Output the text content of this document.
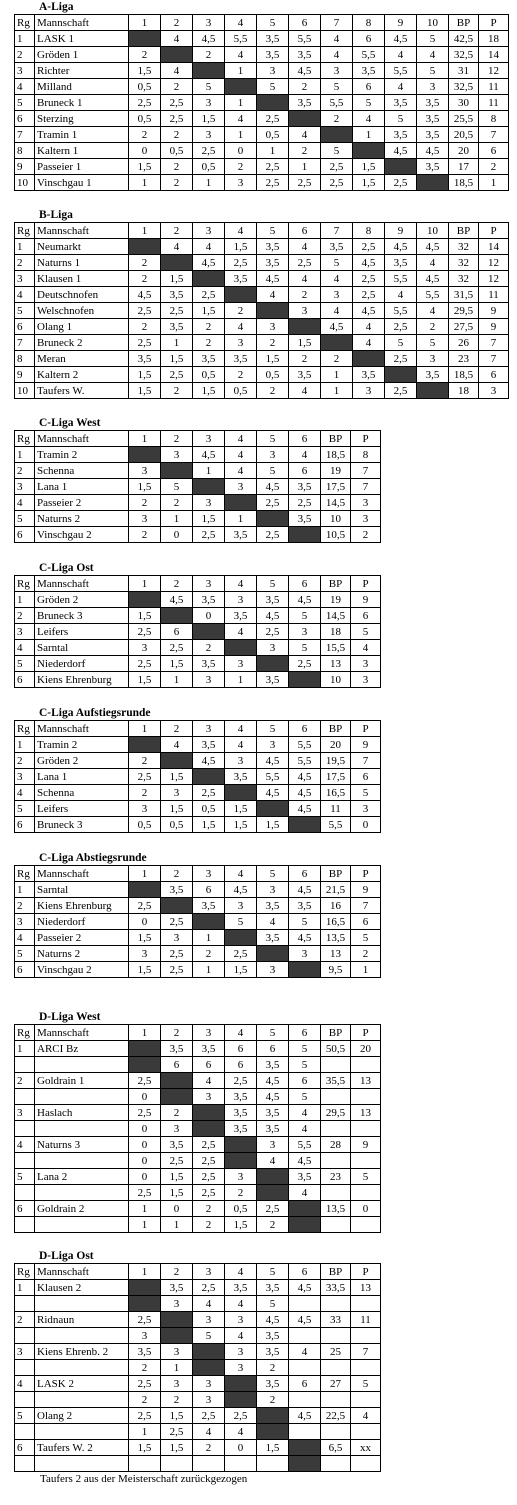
A-Liga
Rg	Mannschaft	1	2	3	4	5	6	7	8	9	10	BP	P
1	LASK 1		4	4,5	5,5	3,5	5,5	4	6	4,5	5	42,5	18
2	Gröden 1	2		2	4	3,5	3,5	4	5,5	4	4	32,5	14
3	Richter	1,5	4		1	3	4,5	3	3,5	5,5	5	31	12
4	Milland	0,5	2	5		5	2	5	6	4	3	32,5	11
5	Bruneck 1	2,5	2,5	3	1		3,5	5,5	5	3,5	3,5	30	11
6	Sterzing	0,5	2,5	1,5	4	2,5		2	4	5	3,5	25,5	8
7	Tramin 1	2	2	3	1	0,5	4		1	3,5	3,5	20,5	7
8	Kaltern 1	0	0,5	2,5	0	1	2	5		4,5	4,5	20	6
9	Passeier 1	1,5	2	0,5	2	2,5	1	2,5	1,5		3,5	17	2
10	Vinschgau 1	1	2	1	3	2,5	2,5	2,5	1,5	2,5		18,5	1
B-Liga
Rg	Mannschaft	1	2	3	4	5	6	7	8	9	10	BP	P
1	Neumarkt		4	4	1,5	3,5	4	3,5	2,5	4,5	4,5	32	14
2	Naturns 1	2		4,5	2,5	3,5	2,5	5	4,5	3,5	4	32	12
3	Klausen 1	2	1,5		3,5	4,5	4	4	2,5	5,5	4,5	32	12
4	Deutschnofen	4,5	3,5	2,5		4	2	3	2,5	4	5,5	31,5	11
5	Welschnofen	2,5	2,5	1,5	2		3	4	4,5	5,5	4	29,5	9
6	Olang 1	2	3,5	2	4	3		4,5	4	2,5	2	27,5	9
7	Bruneck 2	2,5	1	2	3	2	1,5		4	5	5	26	7
8	Meran	3,5	1,5	3,5	3,5	1,5	2	2		2,5	3	23	7
9	Kaltern 2	1,5	2,5	0,5	2	0,5	3,5	1	3,5		3,5	18,5	6
10	Taufers W.	1,5	2	1,5	0,5	2	4	1	3	2,5		18	3
C-Liga West
Rg	Mannschaft	1	2	3	4	5	6	BP	P
1	Tramin 2		3	4,5	4	3	4	18,5	8
2	Schenna	3		1	4	5	6	19	7
3	Lana 1	1,5	5		3	4,5	3,5	17,5	7
4	Passeier 2	2	2	3		2,5	2,5	14,5	3
5	Naturns 2	3	1	1,5	1		3,5	10	3
6	Vinschgau 2	2	0	2,5	3,5	2,5		10,5	2
C-Liga Ost
Rg	Mannschaft	1	2	3	4	5	6	BP	P
1	Gröden 2		4,5	3,5	3	3,5	4,5	19	9
2	Bruneck 3	1,5		0	3,5	4,5	5	14,5	6
3	Leifers	2,5	6		4	2,5	3	18	5
4	Sarntal	3	2,5	2		3	5	15,5	4
5	Niederdorf	2,5	1,5	3,5	3		2,5	13	3
6	Kiens Ehrenburg	1,5	1	3	1	3,5		10	3
C-Liga Aufstiegsrunde
Rg	Mannschaft	1	2	3	4	5	6	BP	P
1	Tramin 2		4	3,5	4	3	5,5	20	9
2	Gröden 2	2		4,5	3	4,5	5,5	19,5	7
3	Lana 1	2,5	1,5		3,5	5,5	4,5	17,5	6
4	Schenna	2	3	2,5		4,5	4,5	16,5	5
5	Leifers	3	1,5	0,5	1,5		4,5	11	3
6	Bruneck 3	0,5	0,5	1,5	1,5	1,5		5,5	0
C-Liga Abstiegsrunde
Rg	Mannschaft	1	2	3	4	5	6	BP	P
1	Sarntal		3,5	6	4,5	3	4,5	21,5	9
2	Kiens Ehrenburg	2,5		3,5	3	3,5	3,5	16	7
3	Niederdorf	0	2,5		5	4	5	16,5	6
4	Passeier 2	1,5	3	1		3,5	4,5	13,5	5
5	Naturns 2	3	2,5	2	2,5		3	13	2
6	Vinschgau 2	1,5	2,5	1	1,5	3		9,5	1
D-Liga West
Rg	Mannschaft	1	2	3	4	5	6	BP	P
1	ARCI Bz		3,5	3,5	6	6	5	50,5	20
			6	6	6	3,5	5		
2	Goldrain 1	2,5		4	2,5	4,5	6	35,5	13
		0		3	3,5	4,5	5		
3	Haslach	2,5	2		3,5	3,5	4	29,5	13
		0	3		3,5	3,5	4		
4	Naturns 3	0	3,5	2,5		3	5,5	28	9
		0	2,5	2,5		4	4,5		
5	Lana 2	0	1,5	2,5	3		3,5	23	5
		2,5	1,5	2,5	2		4		
6	Goldrain 2	1	0	2	0,5	2,5		13,5	0
		1	1	2	1,5	2			
D-Liga Ost
Rg	Mannschaft	1	2	3	4	5	6	BP	P
1	Klausen 2		3,5	2,5	3,5	3,5	4,5	33,5	13
			3	4	4	5			
2	Ridnaun	2,5		3	3	4,5	4,5	33	11
		3		5	4	3,5			
3	Kiens Ehrenb. 2	3,5	3		3	3,5	4	25	7
		2	1		3	2			
4	LASK 2	2,5	3	3		3,5	6	27	5
		2	2	3		2			
5	Olang 2	2,5	1,5	2,5	2,5		4,5	22,5	4
		1	2,5	4	4				
6	Taufers W. 2	1,5	1,5	2	0	1,5		6,5	xx

Taufers 2 aus der Meisterschaft zurückgezogen
